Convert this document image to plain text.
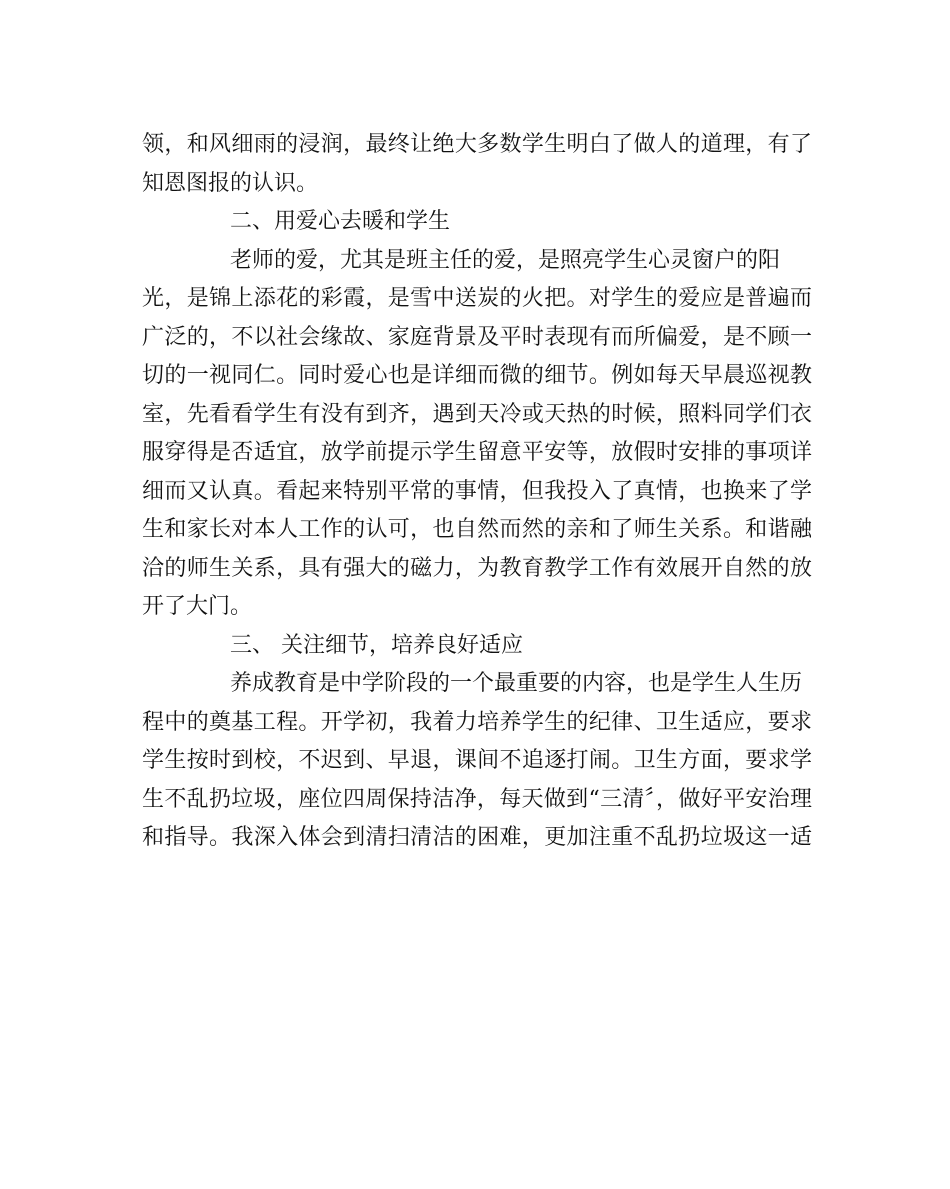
领，和风细雨的浸润，最终让绝大多数学生明白了做人的道理，有了
知恩图报的认识。
二、用爱心去暖和学生
老师的爱，尤其是班主任的爱，是照亮学生心灵窗户的阳
光，是锦上添花的彩霞，是雪中送炭的火把。对学生的爱应是普遍而
广泛的，不以社会缘故、家庭背景及平时表现有而所偏爱，是不顾一
切的一视同仁。同时爱心也是详细而微的细节。例如每天早晨巡视教
室，先看看学生有没有到齐，遇到天冷或天热的时候，照料同学们衣
服穿得是否适宜，放学前提示学生留意平安等，放假时安排的事项详
细而又认真。看起来特别平常的事情，但我投入了真情，也换来了学
生和家长对本人工作的认可，也自然而然的亲和了师生关系。和谐融
洽的师生关系，具有强大的磁力，为教育教学工作有效展开自然的放
开了大门。
三、 关注细节，培养良好适应
养成教育是中学阶段的一个最重要的内容，也是学生人生历
程中的奠基工程。开学初，我着力培养学生的纪律、卫生适应，要求
学生按时到校，不迟到、早退，课间不追逐打闹。卫生方面，要求学
生不乱扔垃圾，座位四周保持洁净，每天做到“三清〞，做好平安治理
和指导。我深入体会到清扫清洁的困难，更加注重不乱扔垃圾这一适
